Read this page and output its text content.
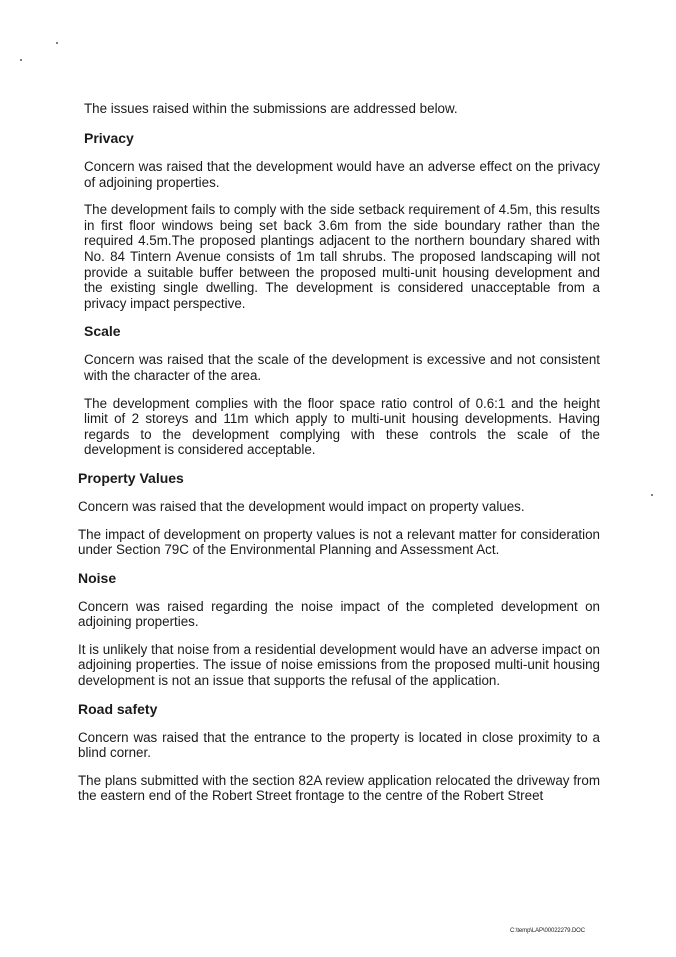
The issues raised within the submissions are addressed below.

Privacy

Concern was raised that the development would have an adverse effect on the privacy of adjoining properties.

The development fails to comply with the side setback requirement of 4.5m, this results in first floor windows being set back 3.6m from the side boundary rather than the required 4.5m.The proposed plantings adjacent to the northern boundary shared with No. 84 Tintern Avenue consists of 1m tall shrubs. The proposed landscaping will not provide a suitable buffer between the proposed multi-unit housing development and the existing single dwelling. The development is considered unacceptable from a privacy impact perspective.

Scale

Concern was raised that the scale of the development is excessive and not consistent with the character of the area.

The development complies with the floor space ratio control of 0.6:1 and the height limit of 2 storeys and 11m which apply to multi-unit housing developments. Having regards to the development complying with these controls the scale of the development is considered acceptable.

Property Values

Concern was raised that the development would impact on property values.

The impact of development on property values is not a relevant matter for consideration under Section 79C of the Environmental Planning and Assessment Act.

Noise

Concern was raised regarding the noise impact of the completed development on adjoining properties.

It is unlikely that noise from a residential development would have an adverse impact on adjoining properties. The issue of noise emissions from the proposed multi-unit housing development is not an issue that supports the refusal of the application.

Road safety

Concern was raised that the entrance to the property is located in close proximity to a blind corner.

The plans submitted with the section 82A review application relocated the driveway from the eastern end of the Robert Street frontage to the centre of the Robert Street

C:\temp\LAP\00022279.DOC
